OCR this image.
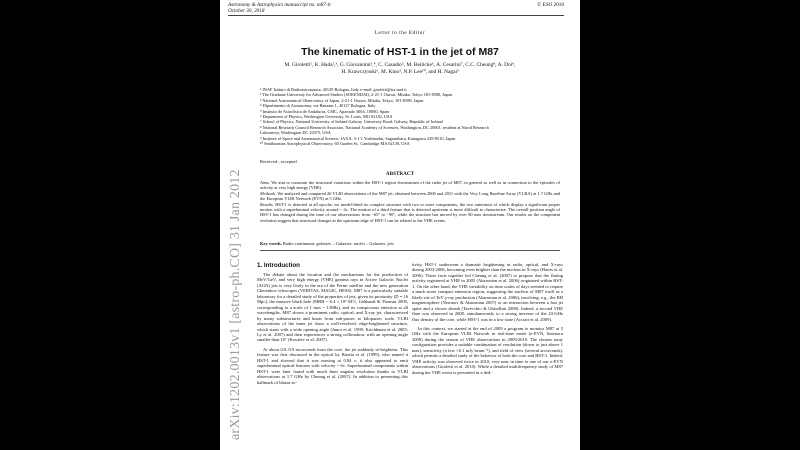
Astronomy & Astrophysics manuscript no. m87-lc
October 30, 2018
© ESO 2018
Letter to the Editor
The kinematic of HST-1 in the jet of M87
M. Giroletti¹, K. Hada²,³, G. Giovannini¹,⁴, C. Casadio⁵, M. Beilicke⁶, A. Cesarini⁷, C.C. Cheung⁸, A. Doi⁹,
H. Krawczynski⁶, M. Kino³, N.P. Lee¹⁰, and H. Nagai³
¹ INAF Istituto di Radioastronomia, 40129 Bologna, Italy e-mail: giroletti@ira.inaf.it
² The Graduate University for Advanced Studies (SOKENDAI), 2-21-1 Osawa, Mitaka, Tokyo 181-8588, Japan
³ National Astronomical Observatory of Japan, 2-21-1 Osawa, Mitaka, Tokyo, 181-8588, Japan
⁴ Dipartimento di Astronomia, via Ranzani 1, 40127 Bologna, Italy
⁵ Instituto de Astrofísica de Andalucía, CSIC, Apartado 3004, 18080, Spain
⁶ Department of Physics, Washington University, St. Louis, MO 63130, USA
⁷ School of Physics, National University of Ireland Galway, University Road, Galway, Republic of Ireland
⁸ National Research Council Research Associate, National Academy of Sciences, Washington, DC 20001, resident at Naval Research
Laboratory, Washington DC 20375, USA
⁹ Institute of Space and Astronautical Science, JAXA, 3-1-1 Yoshinodai, Sagamihara, Kanagawa 229-8510, Japan
¹⁰ Smithsonian Astrophysical Observatory, 60 Garden St., Cambridge MA 02138, USA
Received ; accepted
ABSTRACT
Aims. We aim to constrain the structural variations within the HST-1 region downstream of the radio jet of M87, in general as well as in connection to the episodes of activity at very high energy (VHE).
Methods. We analyzed and compared 26 VLBI observations of the M87 jet, obtained between 2006 and 2011 with the Very Long Baseline Array (VLBA) at 1.7 GHz and the European VLBI Network (EVN) at 5 GHz.
Results. HST-1 is detected at all epochs; we model-fitted its complex structure with two or more components, the two outermost of which display a significant proper motion with a superluminal velocity around ~ 4c. The motion of a third feature that is detected upstream is more difficult to characterize. The overall position angle of HST-1 has changed during the time of our observations from −65° to −90°, while the structure has moved by over 80 mas downstream. Our results on the component evolution suggest that structural changes at the upstream edge of HST-1 can be related to the VHE events.
Key words. Radio continuum: galaxies – Galaxies: nuclei – Galaxies: jets
1. Introduction

The debate about the location and the mechanisms for the production of MeV/GeV, and very high energy (VHE) gamma rays in Active Galactic Nuclei (AGN) jets is very lively in the era of the Fermi satellite and the new generation Cherenkov telescopes (VERITAS, MAGIC, HESS). M87 is a particularly suitable laboratory for a detailed study of the properties of jets, given its proximity (D = 16 Mpc), the massive black hole (MBH ~ 6.4 × 10⁹ M☉, Gebhardt & Thomas 2009, corresponding to a scale of 1 mas ~ 130Rs), and its conspicuous emission at all wavelengths. M87 shows a prominent radio, optical, and X-ray jet, characterized by many substructures and knots from sub-parsec to kiloparsec scale. VLBI observations of the inner jet show a well-resolved, edge-brightened structure, which starts with a wide opening angle (Junor et al. 1999; Krichbaum et al. 2005; Ly et al. 2007) and then experiences a strong collimation, with an opening angle smaller than 10° (Kovalev et al. 2007).

At about 0.8–0.9 arcseconds from the core, the jet suddenly re-brightens. This feature was first discussed in the optical by Biretta et al. (1999), who named it HST-1 and showed that it was moving at 0.84 c; it also appeared to emit superluminal optical features with velocity ~ 6c. Superluminal components within HST-1 were later found with much finer angular resolution thanks to VLBI observations at 1.7 GHz by Cheung et al. (2007). In addition to presenting this hallmark of blazar ac-

tivity, HST-1 underwent a dramatic brightening in radio, optical, and X-rays during 2003-2006, becoming even brighter than the nucleus in X-rays (Harris et al. 2006). These facts together led Cheung et al. (2007) to propose that the flaring activity registered at VHE in 2005 (Aharonian et al. 2006) originated within HST-1. On the other hand, the VHE variability on time scales of days seemed to require a much more compact emission region, suggesting the nucleus of M87 itself as a likely site of TeV γ-ray production (Aharonian et al. 2006), involving, e.g., the BH magnetosphere (Neronov & Aharonian 2007) or an interaction between a fast jet spine and a slower sheath (Tavecchio & Ghisellini 2008). Indeed, a second VHE flare was observed in 2008, simultaneously to a strong increase of the 43-GHz flux density of the core, while HST-1 was in a low state (Acciari et al. 2009).

In this context, we started at the end of 2009 a program to monitor M87 at 5 GHz with the European VLBI Network in real-time mode (e-EVN, Szomoru 2008) during the season of VHE observations in 2009/2010. The chosen array configuration provides a suitable combination of resolution (down to just above 1 mas), sensitivity (a few ×0.1 mJy beam⁻¹), and field of view (several arcseconds), which permits a detailed study of the behavior of both the core and HST-1. Indeed, VHE activity was observed twice in 2010, very near in time to one of our e-EVN observations (Giroletti et al. 2010). While a detailed multifrequency study of M87 during the VHE event is presented in a ded-

arXiv:1202.0013v1 [astro-ph.CO] 31 Jan 2012
